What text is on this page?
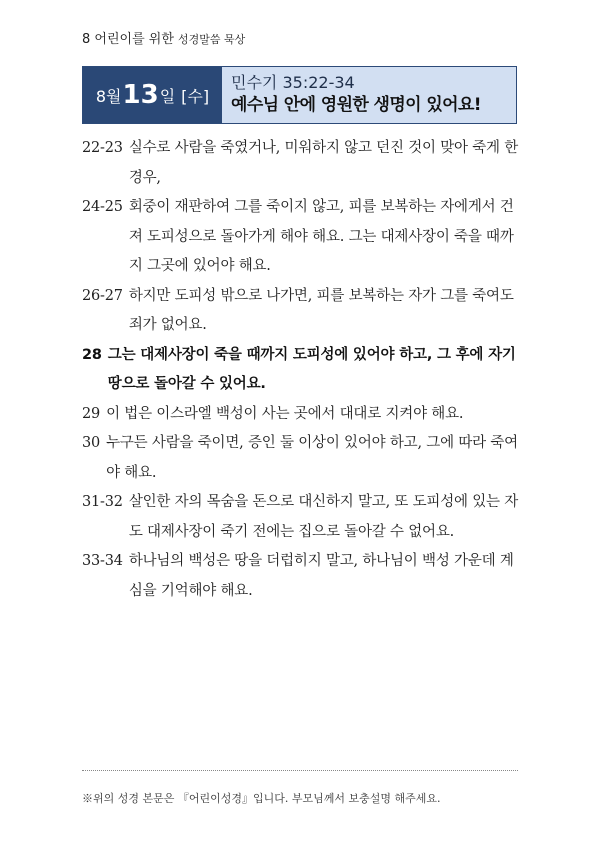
8 어린이를 위한 성경말씀 묵상
8월 13 일 [수]
민수기 35:22-34
예수님 안에 영원한 생명이 있어요!
22-23 실수로 사람을 죽였거나, 미워하지 않고 던진 것이 맞아 죽게 한 경우,
24-25 회중이 재판하여 그를 죽이지 않고, 피를 보복하는 자에게서 건져 도피성으로 돌아가게 해야 해요. 그는 대제사장이 죽을 때까지 그곳에 있어야 해요.
26-27 하지만 도피성 밖으로 나가면, 피를 보복하는 자가 그를 죽여도 죄가 없어요.
28 그는 대제사장이 죽을 때까지 도피성에 있어야 하고, 그 후에 자기 땅으로 돌아갈 수 있어요.
29 이 법은 이스라엘 백성이 사는 곳에서 대대로 지켜야 해요.
30 누구든 사람을 죽이면, 증인 둘 이상이 있어야 하고, 그에 따라 죽여야 해요.
31-32 살인한 자의 목숨을 돈으로 대신하지 말고, 또 도피성에 있는 자도 대제사장이 죽기 전에는 집으로 돌아갈 수 없어요.
33-34 하나님의 백성은 땅을 더럽히지 말고, 하나님이 백성 가운데 계심을 기억해야 해요.
※위의 성경 본문은 『어린이성경』입니다. 부모님께서 보충설명 해주세요.
